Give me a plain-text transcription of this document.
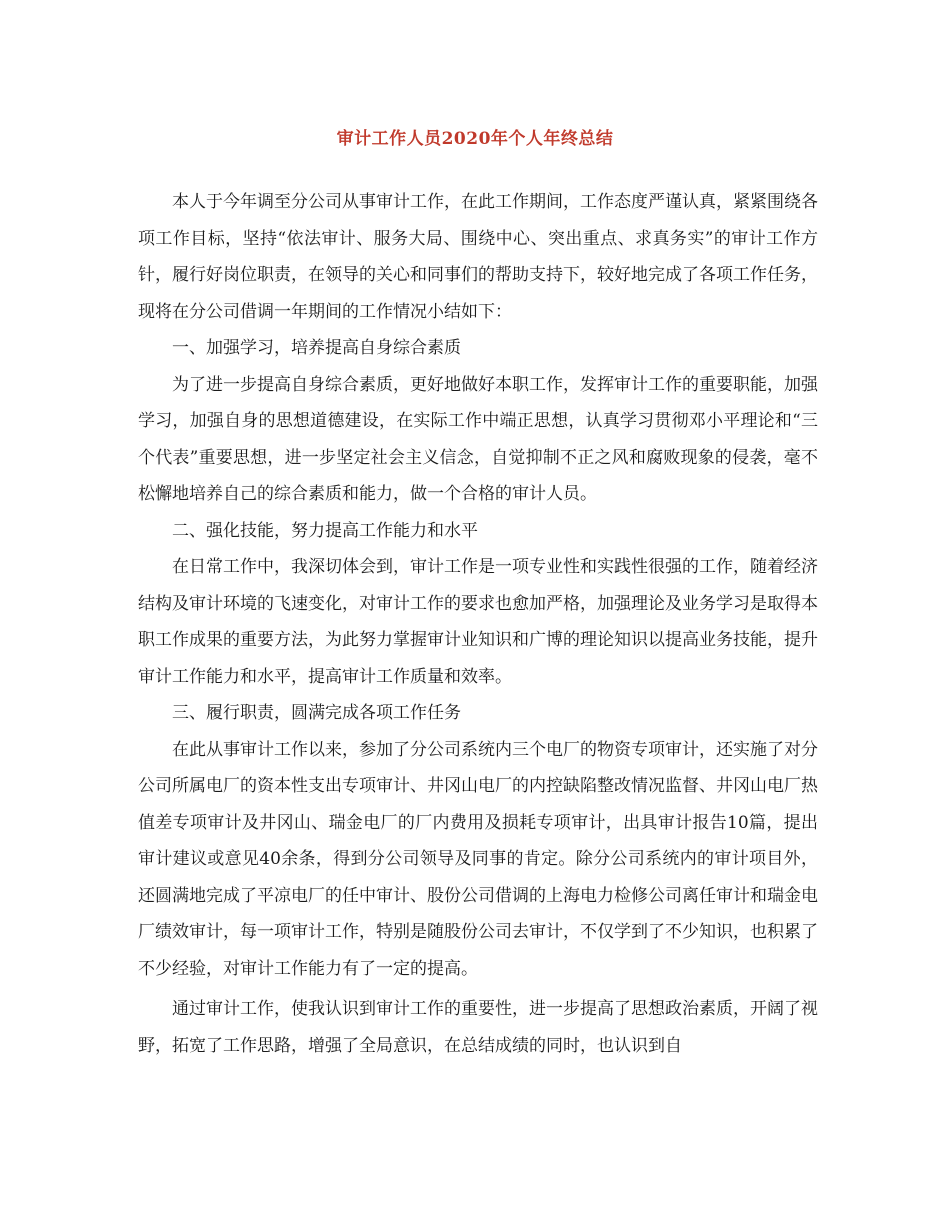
审计工作人员2020年个人年终总结

本人于今年调至分公司从事审计工作，在此工作期间，工作态度严谨认真，紧紧围绕各项工作目标，坚持“依法审计、服务大局、围绕中心、突出重点、求真务实”的审计工作方针，履行好岗位职责，在领导的关心和同事们的帮助支持下，较好地完成了各项工作任务，现将在分公司借调一年期间的工作情况小结如下：

一、加强学习，培养提高自身综合素质

为了进一步提高自身综合素质，更好地做好本职工作，发挥审计工作的重要职能，加强学习，加强自身的思想道德建设，在实际工作中端正思想，认真学习贯彻邓小平理论和“三个代表”重要思想，进一步坚定社会主义信念，自觉抑制不正之风和腐败现象的侵袭，毫不松懈地培养自己的综合素质和能力，做一个合格的审计人员。

二、强化技能，努力提高工作能力和水平

在日常工作中，我深切体会到，审计工作是一项专业性和实践性很强的工作，随着经济结构及审计环境的飞速变化，对审计工作的要求也愈加严格，加强理论及业务学习是取得本职工作成果的重要方法，为此努力掌握审计业知识和广博的理论知识以提高业务技能，提升审计工作能力和水平，提高审计工作质量和效率。

三、履行职责，圆满完成各项工作任务

在此从事审计工作以来，参加了分公司系统内三个电厂的物资专项审计，还实施了对分公司所属电厂的资本性支出专项审计、井冈山电厂的内控缺陷整改情况监督、井冈山电厂热值差专项审计及井冈山、瑞金电厂的厂内费用及损耗专项审计，出具审计报告10篇，提出审计建议或意见40余条，得到分公司领导及同事的肯定。除分公司系统内的审计项目外，还圆满地完成了平凉电厂的任中审计、股份公司借调的上海电力检修公司离任审计和瑞金电厂绩效审计，每一项审计工作，特别是随股份公司去审计，不仅学到了不少知识，也积累了不少经验，对审计工作能力有了一定的提高。

通过审计工作，使我认识到审计工作的重要性，进一步提高了思想政治素质，开阔了视野，拓宽了工作思路，增强了全局意识，在总结成绩的同时，也认识到自
